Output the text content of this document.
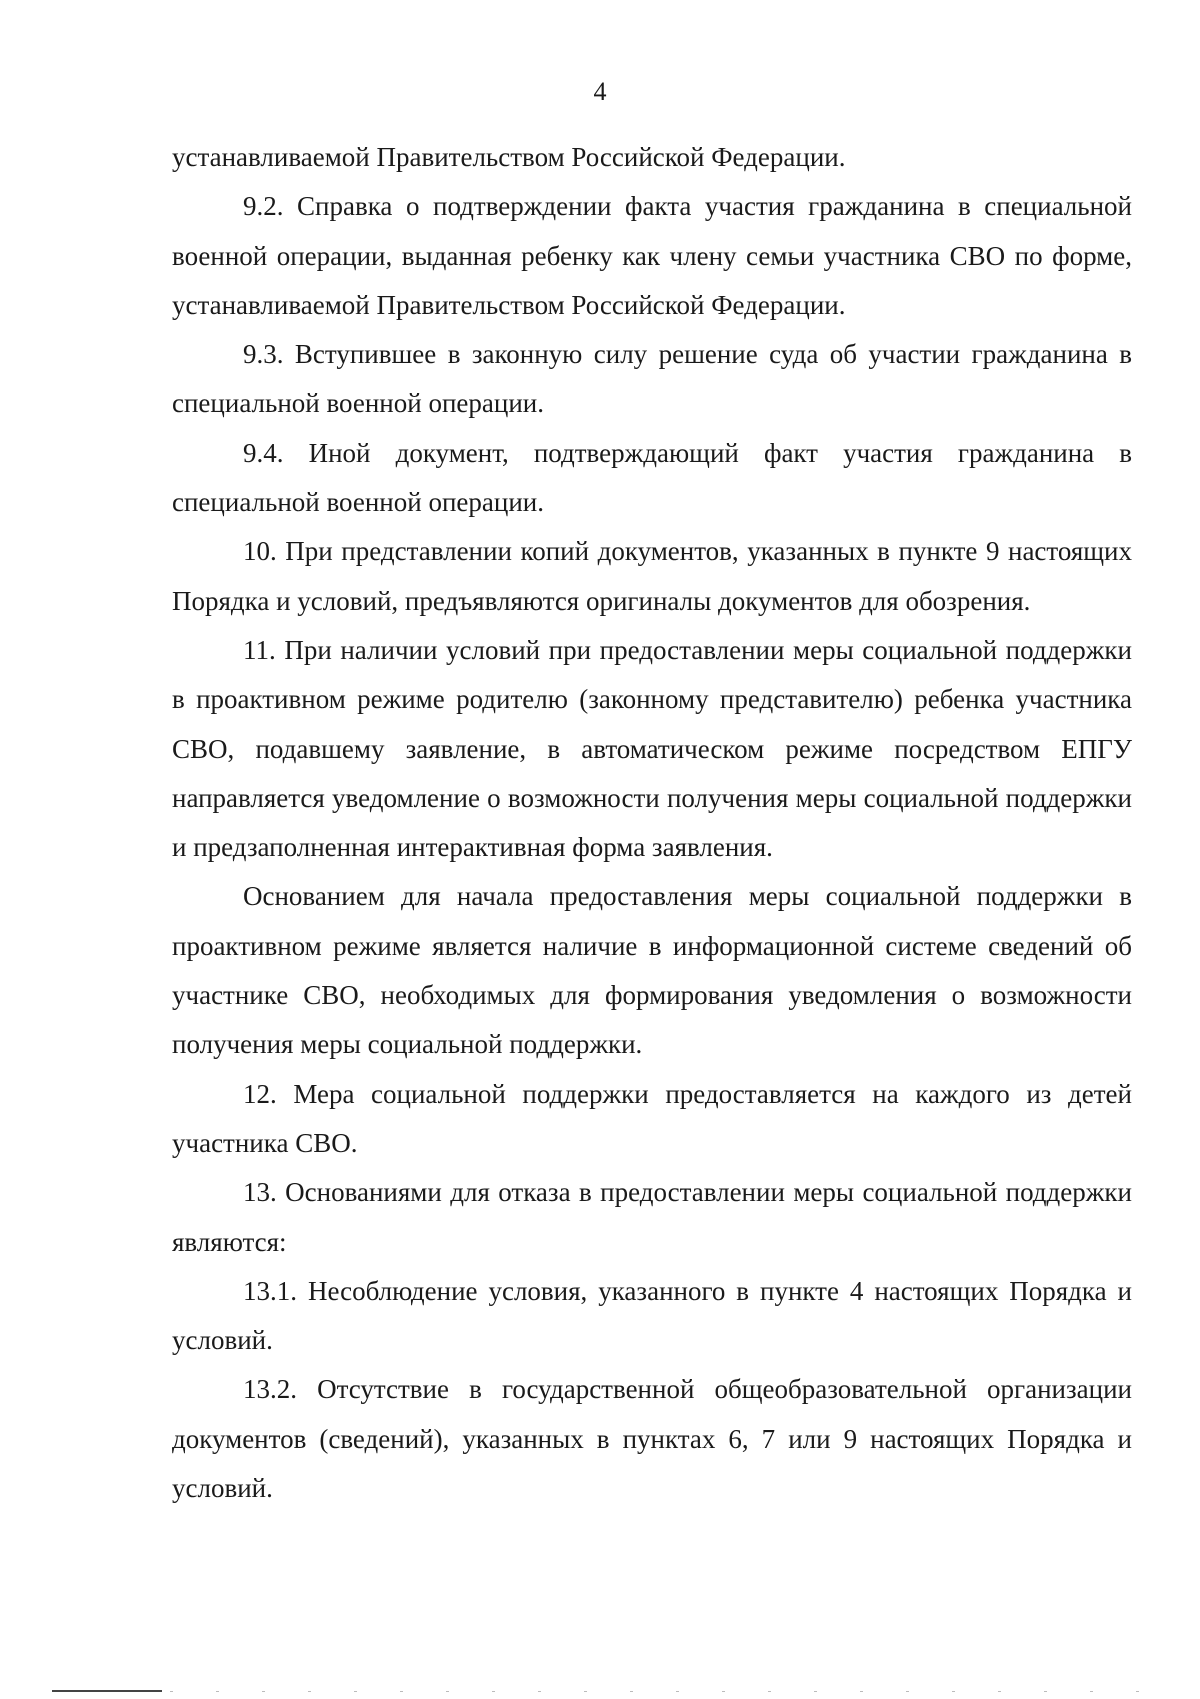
4

устанавливаемой Правительством Российской Федерации.

9.2. Справка о подтверждении факта участия гражданина в специальной военной операции, выданная ребенку как члену семьи участника СВО по форме, устанавливаемой Правительством Российской Федерации.

9.3. Вступившее в законную силу решение суда об участии гражданина в специальной военной операции.

9.4. Иной документ, подтверждающий факт участия гражданина в специальной военной операции.

10. При представлении копий документов, указанных в пункте 9 настоящих Порядка и условий, предъявляются оригиналы документов для обозрения.

11. При наличии условий при предоставлении меры социальной поддержки в проактивном режиме родителю (законному представителю) ребенка участника СВО, подавшему заявление, в автоматическом режиме посредством ЕПГУ направляется уведомление о возможности получения меры социальной поддержки и предзаполненная интерактивная форма заявления.

Основанием для начала предоставления меры социальной поддержки в проактивном режиме является наличие в информационной системе сведений об участнике СВО, необходимых для формирования уведомления о возможности получения меры социальной поддержки.

12. Мера социальной поддержки предоставляется на каждого из детей участника СВО.

13. Основаниями для отказа в предоставлении меры социальной поддержки являются:

13.1. Несоблюдение условия, указанного в пункте 4 настоящих Порядка и условий.

13.2. Отсутствие в государственной общеобразовательной организации документов (сведений), указанных в пунктах 6, 7 или 9 настоящих Порядка и условий.
